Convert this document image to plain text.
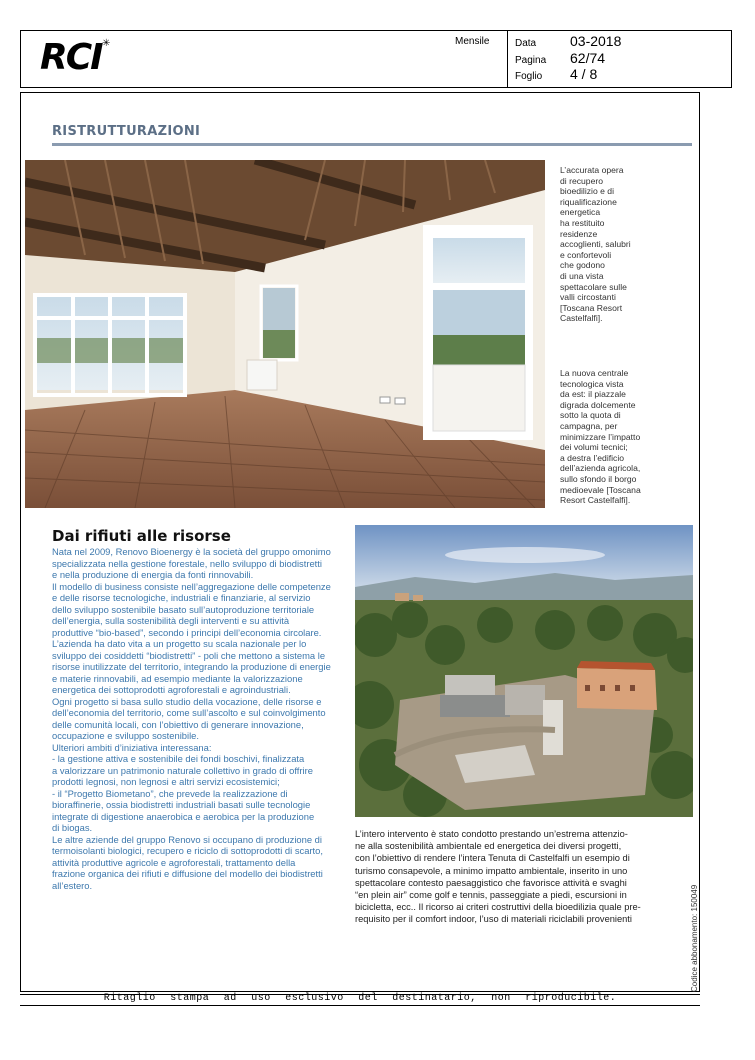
RCI ✳	Mensile	Data 03-2018
Pagina 62/74
Foglio 4 / 8
RISTRUTTURAZIONI
L’accurata opera
di recupero
bioedilizio e di
riqualificazione
energetica
ha restituito
residenze
accoglienti, salubri
e confortevoli
che godono
di una vista
spettacolare sulle
valli circostanti
[Toscana Resort
Castelfalfi].
La nuova centrale
tecnologica vista
da est: il piazzale
digrada dolcemente
sotto la quota di
campagna, per
minimizzare l’impatto
dei volumi tecnici;
a destra l’edificio
dell’azienda agricola,
sullo sfondo il borgo
medioevale [Toscana
Resort Castelfalfi].
Dai rifiuti alle risorse
Nata nel 2009, Renovo Bioenergy è la società del gruppo omonimo
specializzata nella gestione forestale, nello sviluppo di biodistretti
e nella produzione di energia da fonti rinnovabili.
Il modello di business consiste nell’aggregazione delle competenze
e delle risorse tecnologiche, industriali e finanziarie, al servizio
dello sviluppo sostenibile basato sull’autoproduzione territoriale
dell’energia, sulla sostenibilità degli interventi e su attività
produttive “bio-based”, secondo i principi dell’economia circolare.
L’azienda ha dato vita a un progetto su scala nazionale per lo
sviluppo dei cosiddetti “biodistretti” - poli che mettono a sistema le
risorse inutilizzate del territorio, integrando la produzione di energie
e materie rinnovabili, ad esempio mediante la valorizzazione
energetica dei sottoprodotti agroforestali e agroindustriali.
Ogni progetto si basa sullo studio della vocazione, delle risorse e
dell’economia del territorio, come sull’ascolto e sul coinvolgimento
delle comunità locali, con l’obiettivo di generare innovazione,
occupazione e sviluppo sostenibile.
Ulteriori ambiti d’iniziativa interessana:
- la gestione attiva e sostenibile dei fondi boschivi, finalizzata
a valorizzare un patrimonio naturale collettivo in grado di offrire
prodotti legnosi, non legnosi e altri servizi ecosistemici;
- il “Progetto Biometano”, che prevede la realizzazione di
bioraffinerie, ossia biodistretti industriali basati sulle tecnologie
integrate di digestione anaerobica e aerobica per la produzione
di biogas.
Le altre aziende del gruppo Renovo si occupano di produzione di
termoisolanti biologici, recupero e riciclo di sottoprodotti di scarto,
attività produttive agricole e agroforestali, trattamento della
frazione organica dei rifiuti e diffusione del modello dei biodistretti
all’estero.
L’intero intervento è stato condotto prestando un’estrema attenzio-
ne alla sostenibilità ambientale ed energetica dei diversi progetti,
con l’obiettivo di rendere l’intera Tenuta di Castelfalfi un esempio di
turismo consapevole, a minimo impatto ambientale, inserito in uno
spettacolare contesto paesaggistico che favorisce attività e svaghi
“en plein air” come golf e tennis, passeggiate a piedi, escursioni in
bicicletta, ecc.. Il ricorso ai criteri costruttivi della bioedilizia quale pre-
requisito per il comfort indoor, l’uso di materiali riciclabili provenienti
Ritaglio stampa ad uso esclusivo del destinatario, non riproducibile.
Codice abbonamento: 150049
